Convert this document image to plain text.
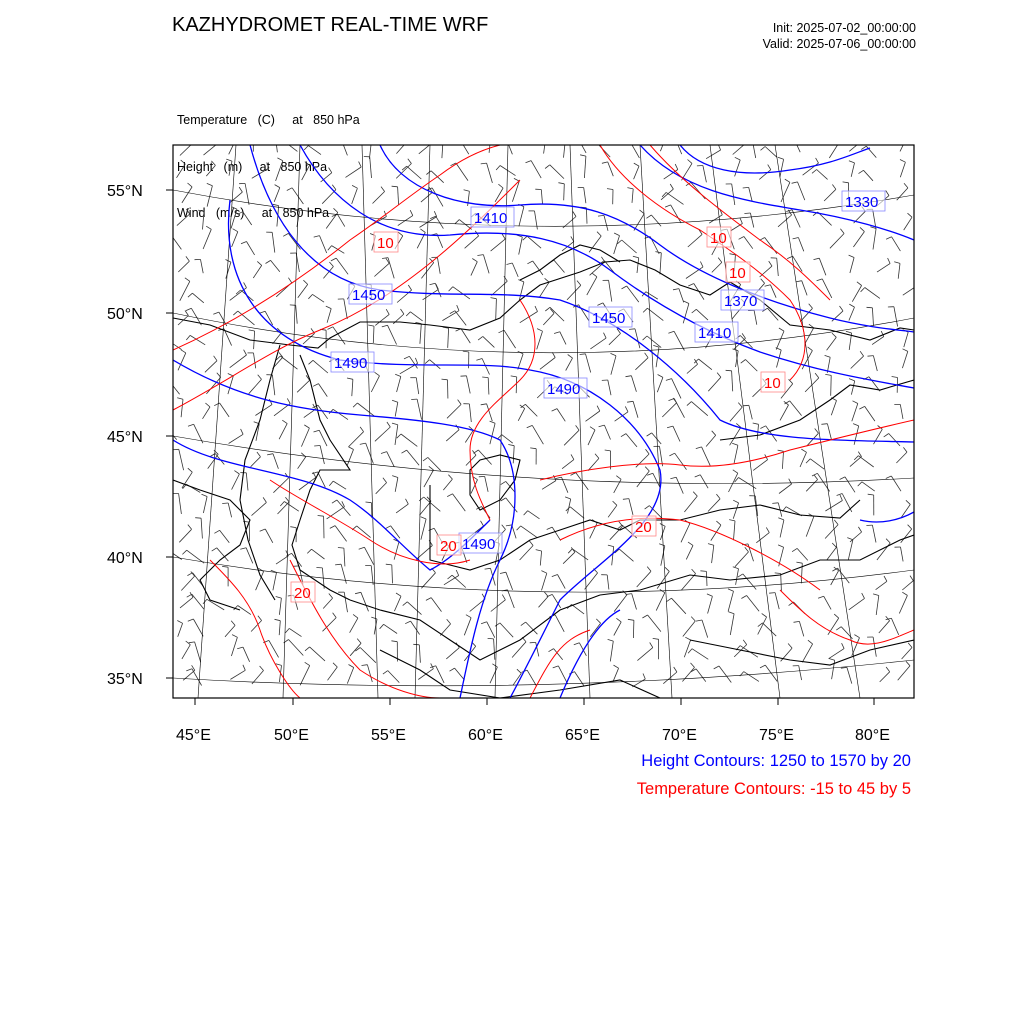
KAZHYDROMET REAL-TIME WRF	Init: 2025-07-02_00:00:00
Valid: 2025-07-06_00:00:00

Temperature   (C)     at   850 hPa

Height   (m)     at   850 hPa

Wind   (m/s)     at   850 hPa

1330
1370
1410
1410
1450
1450
1490
1490
1490
10	10
10
10
20
20
20
55°N
50°N
45°N
40°N
35°N
45°E	50°E	55°E	60°E	65°E	70°E	75°E	80°E
Height Contours: 1250 to 1570 by 20
Temperature Contours: -15 to 45 by 5
